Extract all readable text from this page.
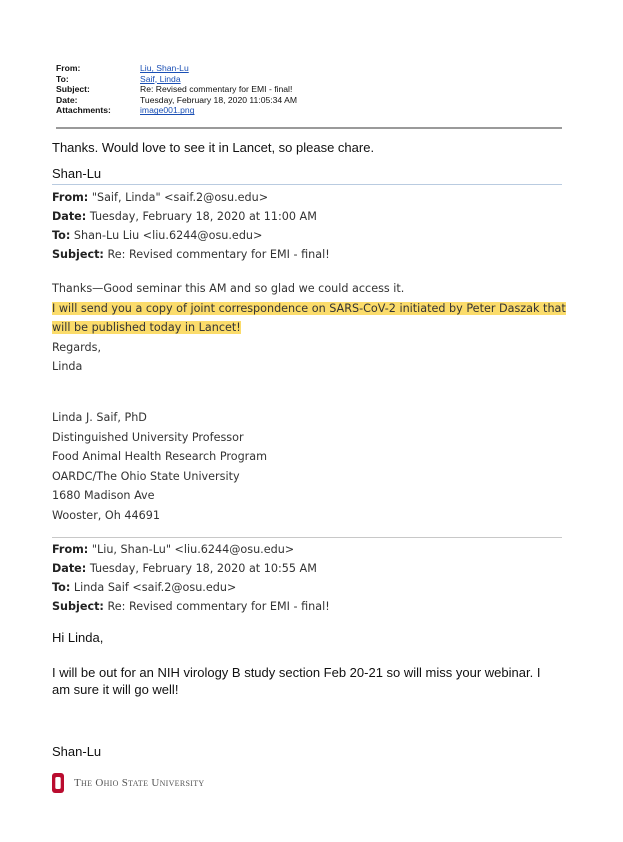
From:	Liu, Shan-Lu
To:	Saif, Linda
Subject:	Re: Revised commentary for EMI - final!
Date:	Tuesday, February 18, 2020 11:05:34 AM
Attachments:	image001.png
Thanks. Would love to see it in Lancet, so please chare.
Shan-Lu
From: "Saif, Linda" <saif.2@osu.edu>
Date: Tuesday, February 18, 2020 at 11:00 AM
To: Shan-Lu Liu <liu.6244@osu.edu>
Subject: Re: Revised commentary for EMI - final!
Thanks—Good seminar this AM and so glad we could access it.
I will send you a copy of joint correspondence on SARS-CoV-2 initiated by Peter Daszak that
will be published today in Lancet!
Regards,
Linda
Linda J. Saif, PhD
Distinguished University Professor
Food Animal Health Research Program
OARDC/The Ohio State University
1680 Madison Ave
Wooster, Oh 44691
From: "Liu, Shan-Lu" <liu.6244@osu.edu>
Date: Tuesday, February 18, 2020 at 10:55 AM
To: Linda Saif <saif.2@osu.edu>
Subject: Re: Revised commentary for EMI - final!
Hi Linda,
I will be out for an NIH virology B study section Feb 20-21 so will miss your webinar. I
am sure it will go well!
Shan-Lu
The Ohio State University
